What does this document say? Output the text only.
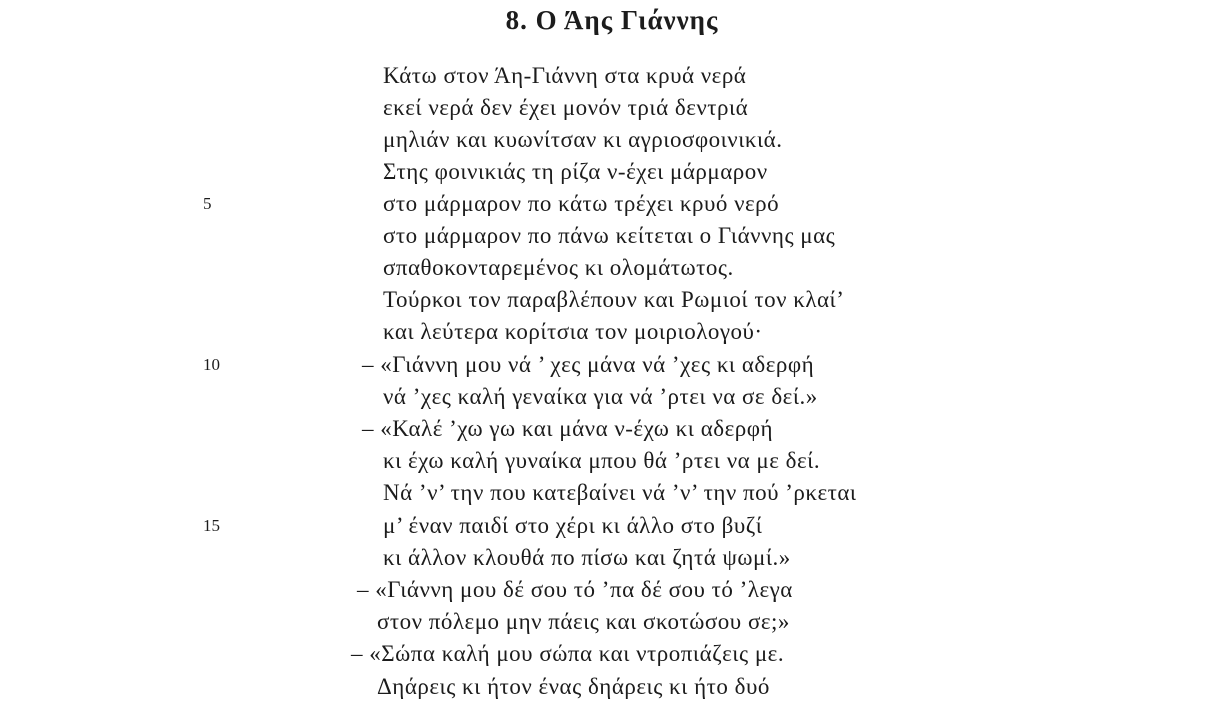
8. Ο Άης Γιάννης
Κάτω στον Άη-Γιάννη στα κρυά νερά
εκεί νερά δεν έχει μονόν τριά δεντριά
μηλιάν και κυωνίτσαν κι αγριοσφοινικιά.
Στης φοινικιάς τη ρίζα ν-έχει μάρμαρον
5	στο μάρμαρον πο κάτω τρέχει κρυό νερό
στο μάρμαρον πο πάνω κείτεται ο Γιάννης μας
σπαθοκονταρεμένος κι ολομάτωτος.
Τούρκοι τον παραβλέπουν και Ρωμιοί τον κλαί’
και λεύτερα κορίτσια τον μοιριολογού·
10	– «Γιάννη μου νά ’ χες μάνα νά ’χες κι αδερφή
νά ’χες καλή γεναίκα για νά ’ρτει να σε δεί.»
– «Καλέ ’χω γω και μάνα ν-έχω κι αδερφή
κι έχω καλή γυναίκα μπου θά ’ρτει να με δεί.
Νά ’ν’ την που κατεβαίνει νά ’ν’ την πού ’ρκεται
15	μ’ έναν παιδί στο χέρι κι άλλο στο βυζί
κι άλλον κλουθά πο πίσω και ζητά ψωμί.»
– «Γιάννη μου δέ σου τό ’πα δέ σου τό ’λεγα
στον πόλεμο μην πάεις και σκοτώσου σε;»
– «Σώπα καλή μου σώπα και ντροπιάζεις με.
Δηάρεις κι ήτον ένας δηάρεις κι ήτο δυό
